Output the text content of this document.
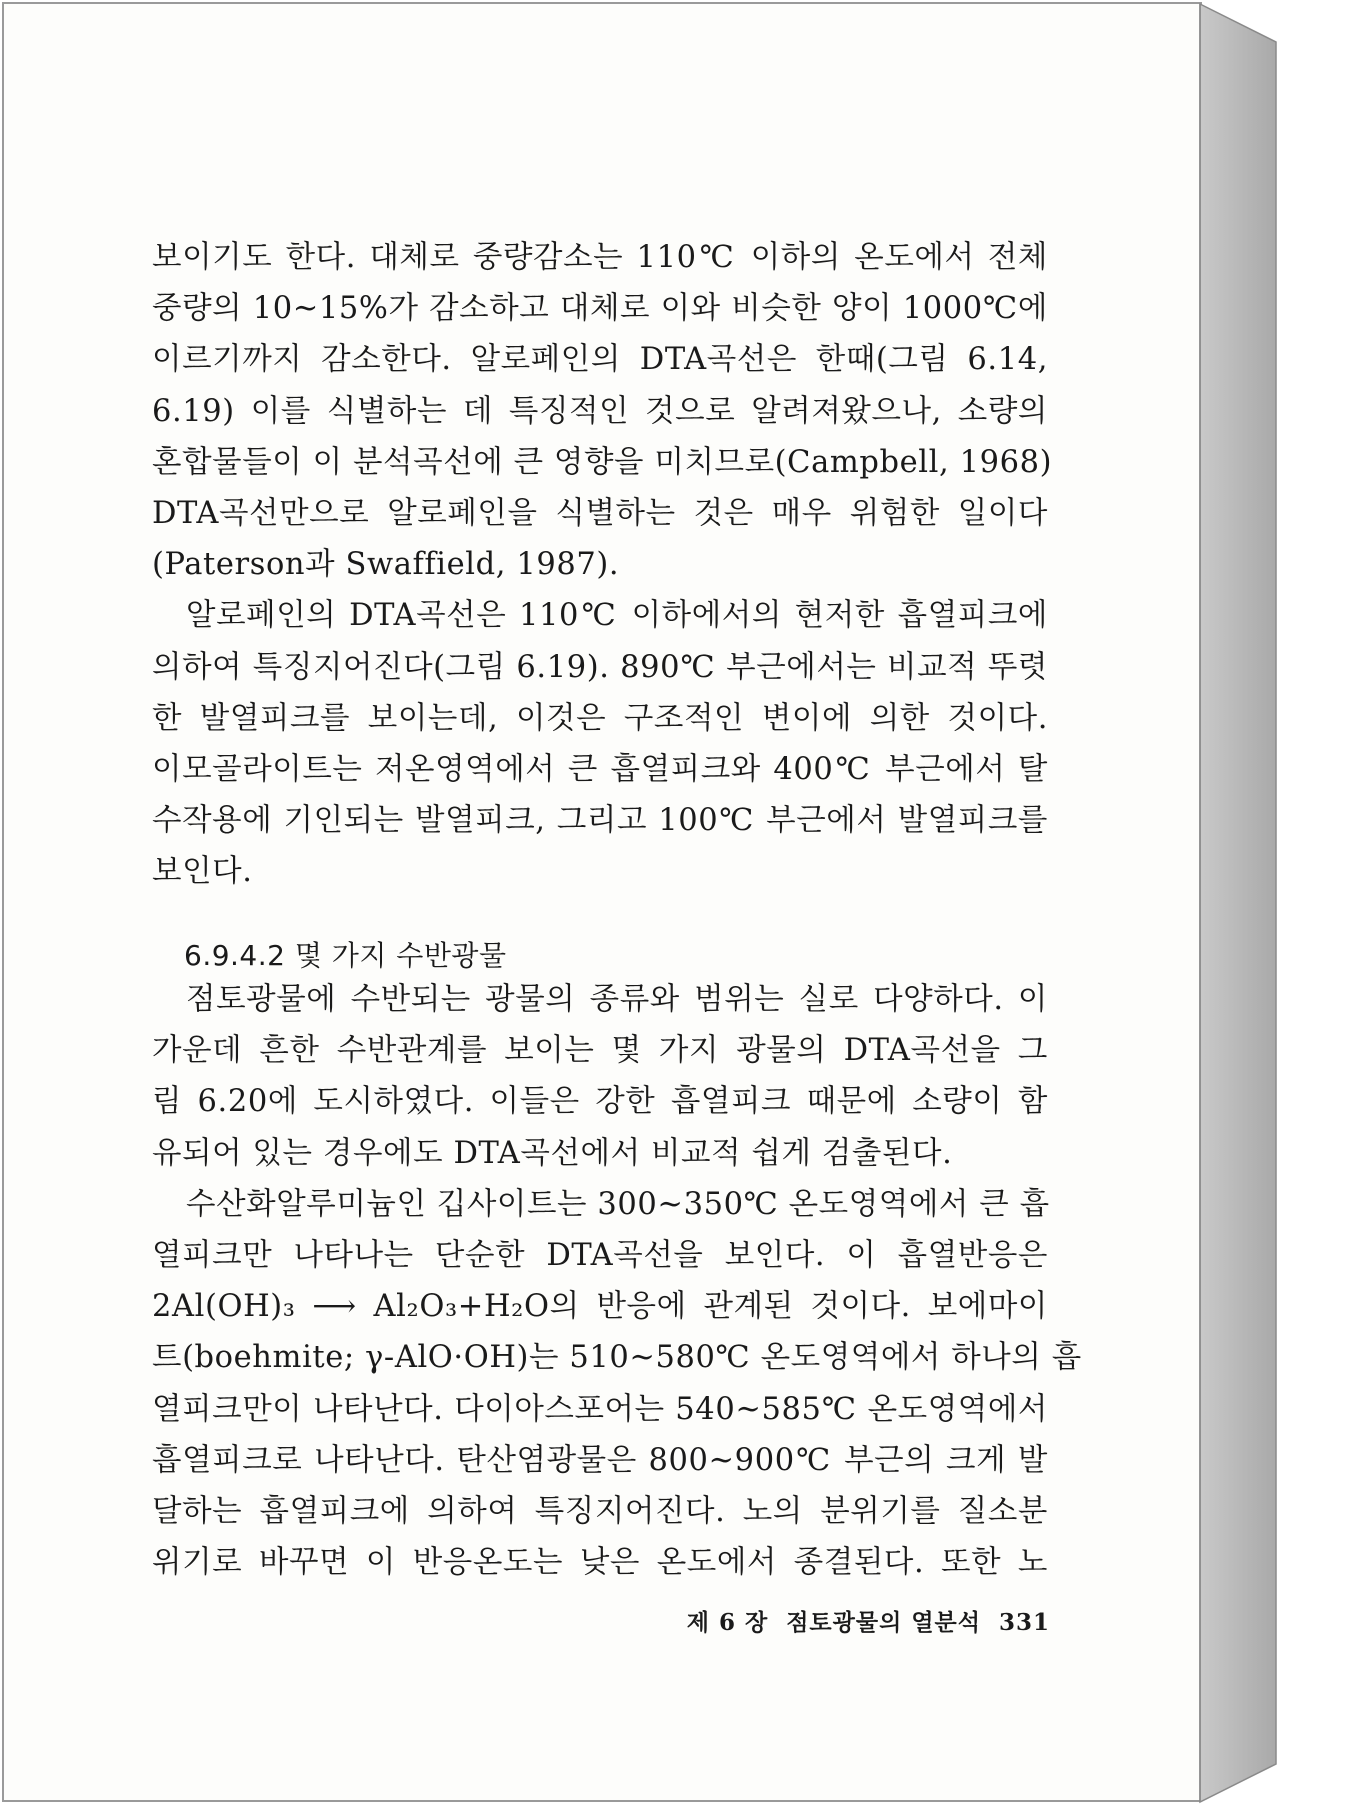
보이기도 한다. 대체로 중량감소는 110℃ 이하의 온도에서 전체
중량의 10~15%가 감소하고 대체로 이와 비슷한 양이 1000℃에
이르기까지 감소한다. 알로페인의 DTA곡선은 한때(그림 6.14,
6.19) 이를 식별하는 데 특징적인 것으로 알려져왔으나, 소량의
혼합물들이 이 분석곡선에 큰 영향을 미치므로(Campbell, 1968)
DTA곡선만으로 알로페인을 식별하는 것은 매우 위험한 일이다
(Paterson과 Swaffield, 1987).
알로페인의 DTA곡선은 110℃ 이하에서의 현저한 흡열피크에
의하여 특징지어진다(그림 6.19). 890℃ 부근에서는 비교적 뚜렷
한 발열피크를 보이는데, 이것은 구조적인 변이에 의한 것이다.
이모골라이트는 저온영역에서 큰 흡열피크와 400℃ 부근에서 탈
수작용에 기인되는 발열피크, 그리고 100℃ 부근에서 발열피크를
보인다.
6.9.4.2 몇 가지 수반광물
점토광물에 수반되는 광물의 종류와 범위는 실로 다양하다. 이
가운데 흔한 수반관계를 보이는 몇 가지 광물의 DTA곡선을 그
림 6.20에 도시하였다. 이들은 강한 흡열피크 때문에 소량이 함
유되어 있는 경우에도 DTA곡선에서 비교적 쉽게 검출된다.
수산화알루미늄인 깁사이트는 300~350℃ 온도영역에서 큰 흡
열피크만 나타나는 단순한 DTA곡선을 보인다. 이 흡열반응은
2Al(OH)₃ ⟶ Al₂O₃+H₂O의 반응에 관계된 것이다. 보에마이
트(boehmite; γ-AlO·OH)는 510~580℃ 온도영역에서 하나의 흡
열피크만이 나타난다. 다이아스포어는 540~585℃ 온도영역에서
흡열피크로 나타난다. 탄산염광물은 800~900℃ 부근의 크게 발
달하는 흡열피크에 의하여 특징지어진다. 노의 분위기를 질소분
위기로 바꾸면 이 반응온도는 낮은 온도에서 종결된다. 또한 노
제 6 장 점토광물의 열분석 331
